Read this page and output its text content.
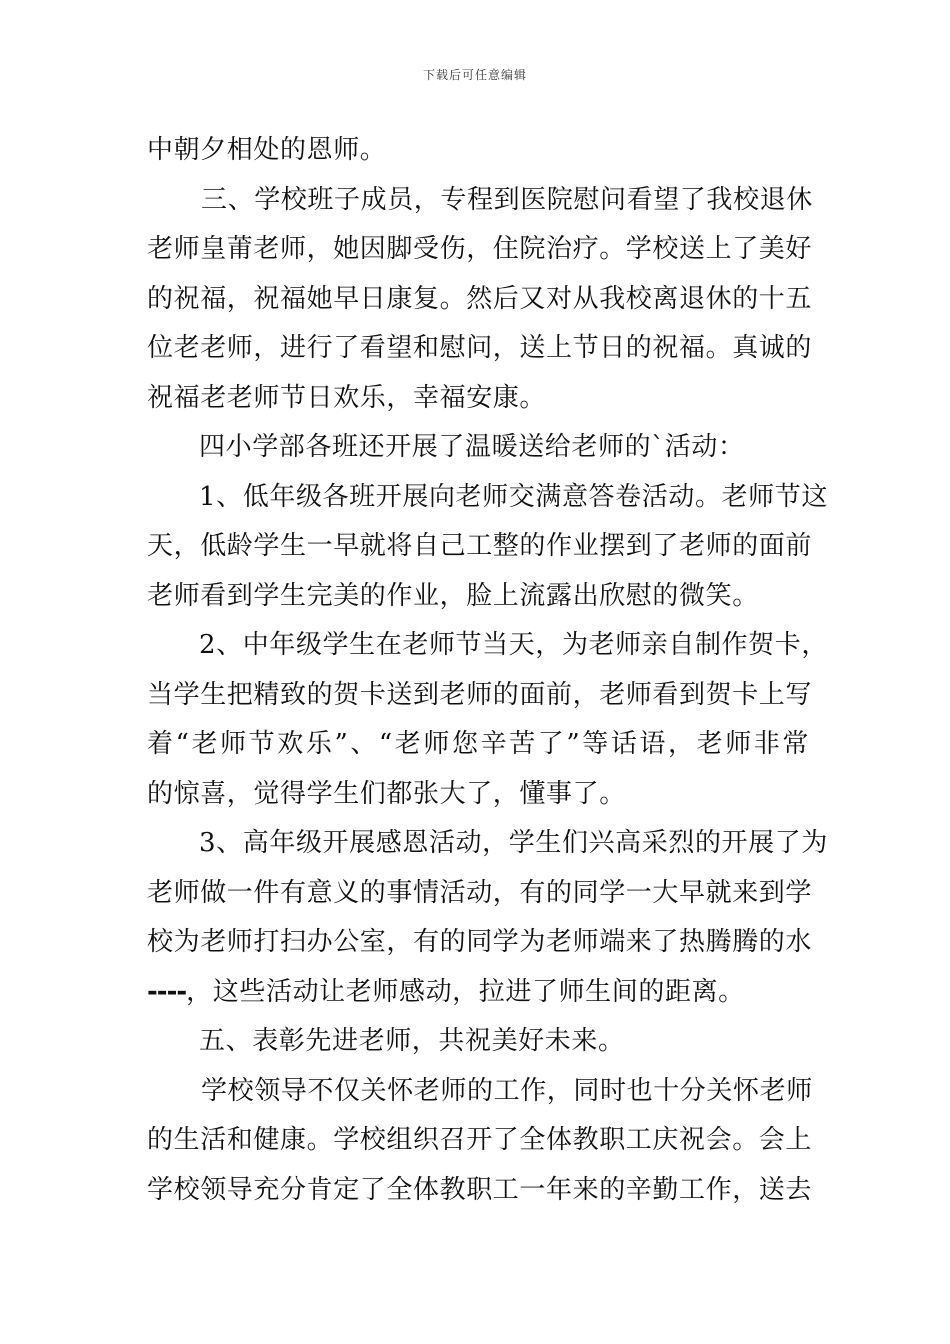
下载后可任意编辑
中朝夕相处的恩师。
三、学校班子成员，专程到医院慰问看望了我校退休
老师皇莆老师，她因脚受伤，住院治疗。学校送上了美好
的祝福，祝福她早日康复。然后又对从我校离退休的十五
位老老师，进行了看望和慰问，送上节日的祝福。真诚的
祝福老老师节日欢乐，幸福安康。
四小学部各班还开展了温暖送给老师的`活动：
1、低年级各班开展向老师交满意答卷活动。老师节这
天，低龄学生一早就将自己工整的作业摆到了老师的面前
老师看到学生完美的作业，脸上流露出欣慰的微笑。
2、中年级学生在老师节当天，为老师亲自制作贺卡，
当学生把精致的贺卡送到老师的面前，老师看到贺卡上写
着“老师节欢乐”、“老师您辛苦了”等话语，老师非常
的惊喜，觉得学生们都张大了，懂事了。
3、高年级开展感恩活动，学生们兴高采烈的开展了为
老师做一件有意义的事情活动，有的同学一大早就来到学
校为老师打扫办公室，有的同学为老师端来了热腾腾的水
----，这些活动让老师感动，拉进了师生间的距离。
五、表彰先进老师，共祝美好未来。
学校领导不仅关怀老师的工作，同时也十分关怀老师
的生活和健康。学校组织召开了全体教职工庆祝会。会上
学校领导充分肯定了全体教职工一年来的辛勤工作，送去
